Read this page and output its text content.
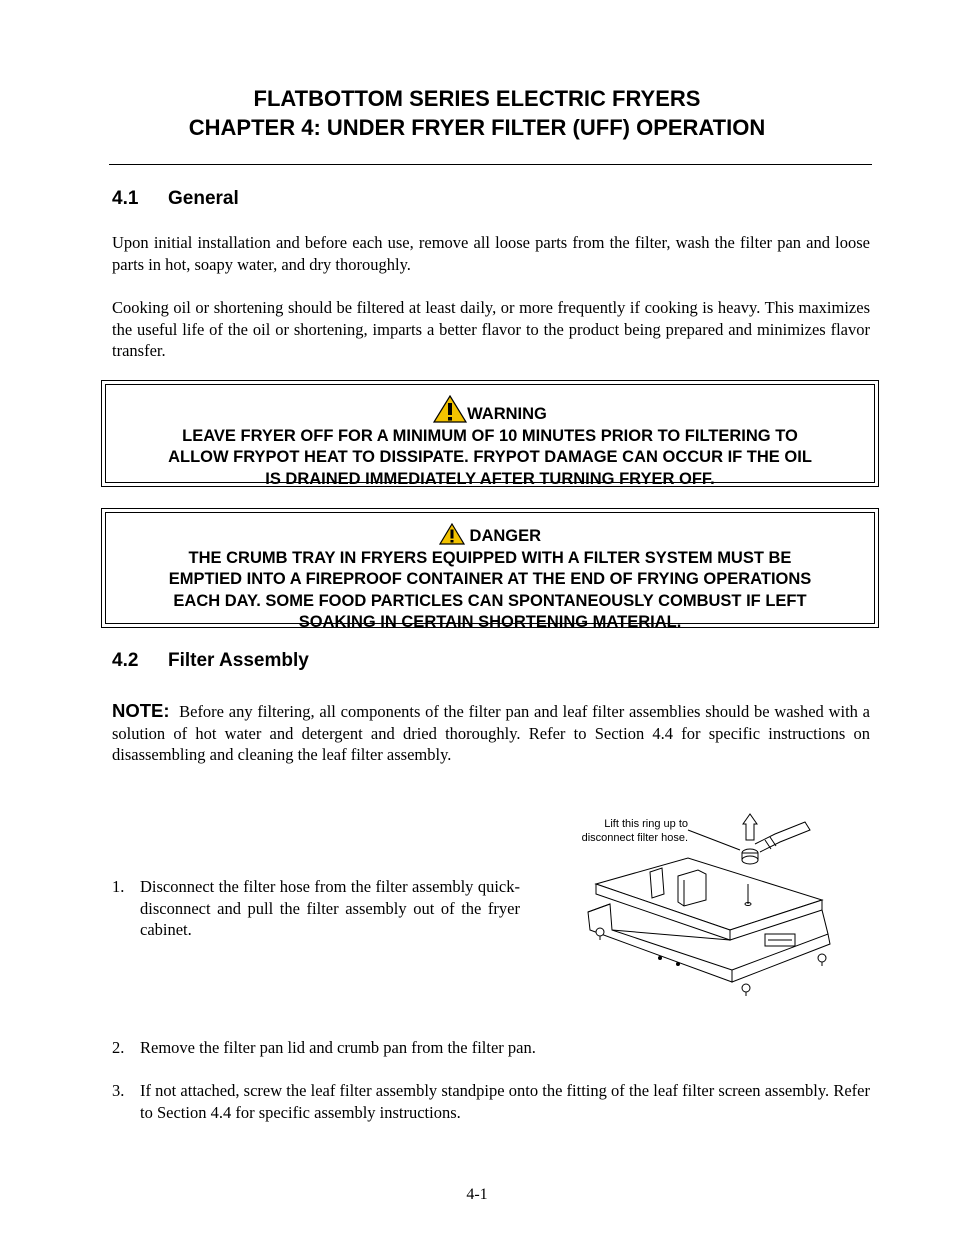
FLATBOTTOM SERIES ELECTRIC FRYERS
CHAPTER 4: UNDER FRYER FILTER (UFF) OPERATION
4.1 General
Upon initial installation and before each use, remove all loose parts from the filter, wash the filter pan and loose parts in hot, soapy water, and dry thoroughly.
Cooking oil or shortening should be filtered at least daily, or more frequently if cooking is heavy. This maximizes the useful life of the oil or shortening, imparts a better flavor to the product being prepared and minimizes flavor transfer.
WARNING
LEAVE FRYER OFF FOR A MINIMUM OF 10 MINUTES PRIOR TO FILTERING TO
ALLOW FRYPOT HEAT TO DISSIPATE. FRYPOT DAMAGE CAN OCCUR IF THE OIL
IS DRAINED IMMEDIATELY AFTER TURNING FRYER OFF.
DANGER
THE CRUMB TRAY IN FRYERS EQUIPPED WITH A FILTER SYSTEM MUST BE
EMPTIED INTO A FIREPROOF CONTAINER AT THE END OF FRYING OPERATIONS
EACH DAY. SOME FOOD PARTICLES CAN SPONTANEOUSLY COMBUST IF LEFT
SOAKING IN CERTAIN SHORTENING MATERIAL.
4.2 Filter Assembly
NOTE: Before any filtering, all components of the filter pan and leaf filter assemblies should be washed with a solution of hot water and detergent and dried thoroughly. Refer to Section 4.4 for specific instructions on disassembling and cleaning the leaf filter assembly.
1. Disconnect the filter hose from the filter assembly quick-disconnect and pull the filter assembly out of the fryer cabinet.
Lift this ring up to
disconnect filter hose.
2. Remove the filter pan lid and crumb pan from the filter pan.
3. If not attached, screw the leaf filter assembly standpipe onto the fitting of the leaf filter screen assembly. Refer to Section 4.4 for specific assembly instructions.
4-1
